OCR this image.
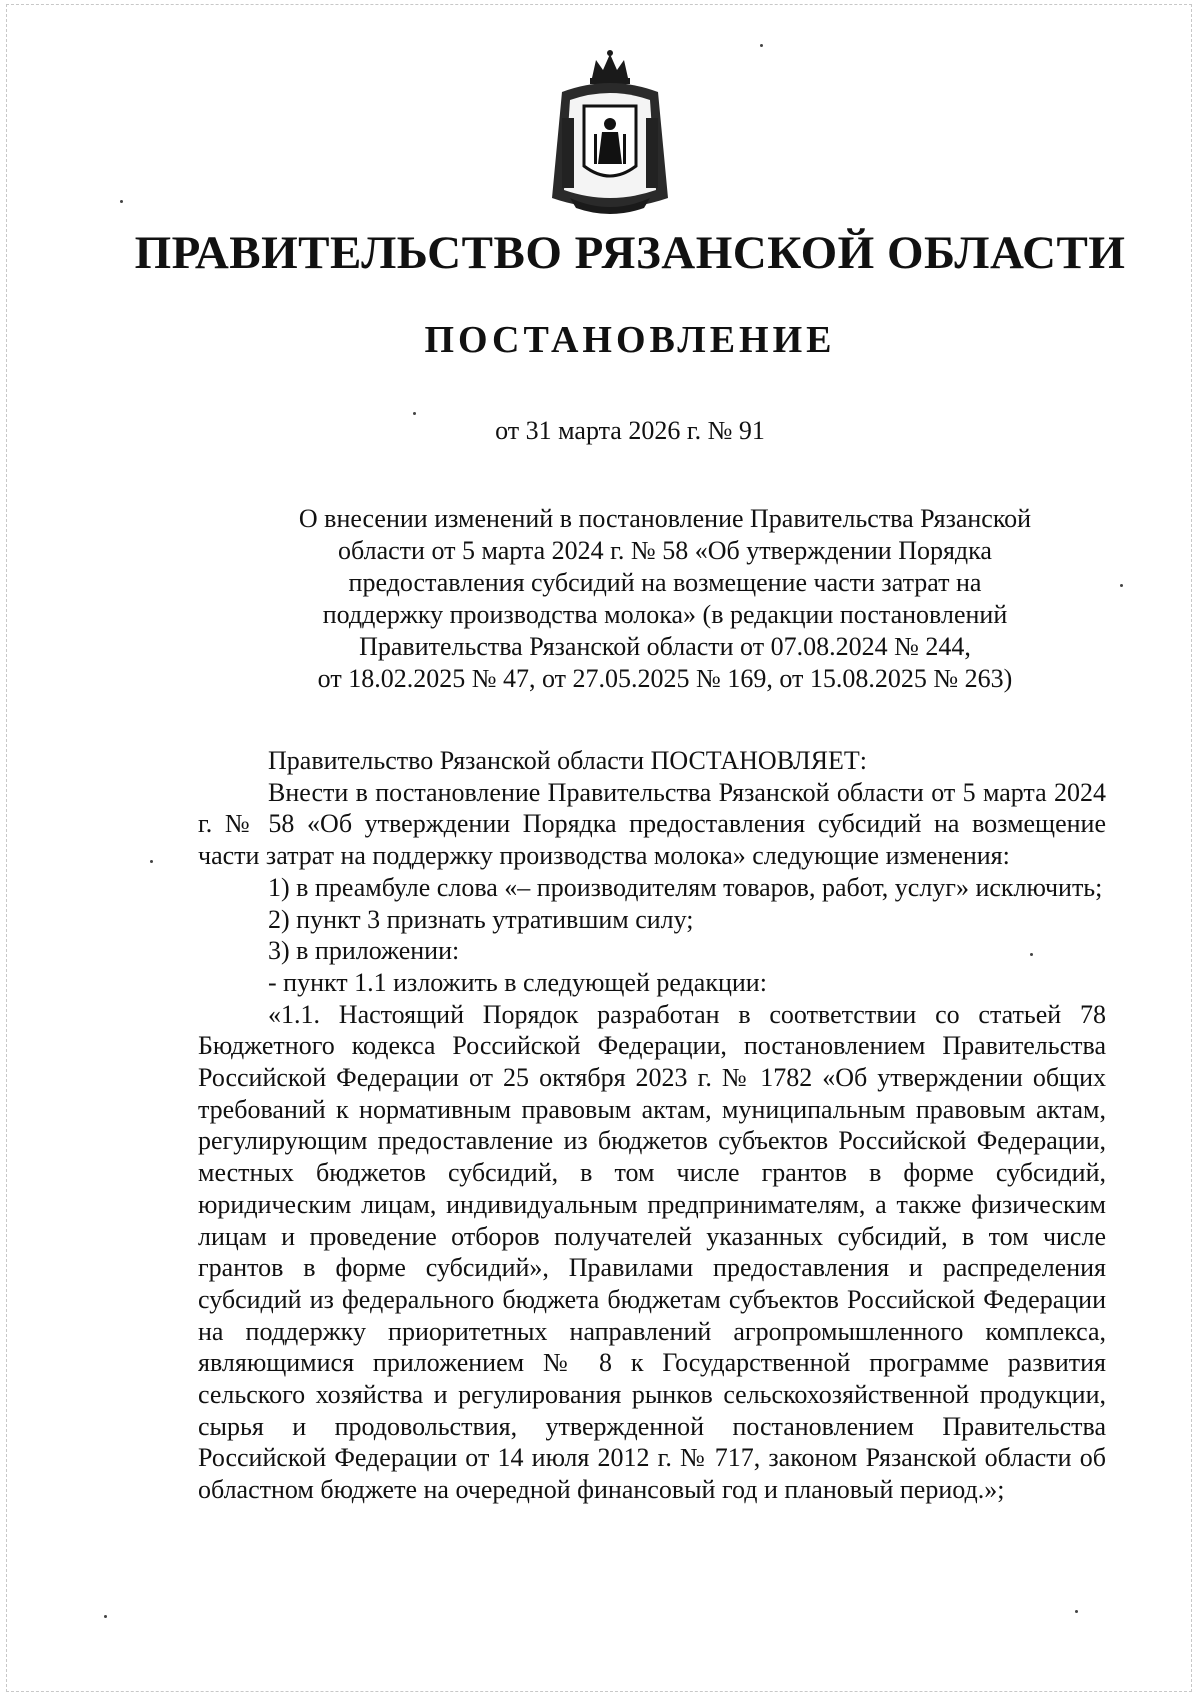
ПРАВИТЕЛЬСТВО РЯЗАНСКОЙ ОБЛАСТИ
ПОСТАНОВЛЕНИЕ
от 31 марта 2026 г. № 91
О внесении изменений в постановление Правительства Рязанской
области от 5 марта 2024 г. № 58 «Об утверждении Порядка
предоставления субсидий на возмещение части затрат на
поддержку производства молока» (в редакции постановлений
Правительства Рязанской области от 07.08.2024 № 244,
от 18.02.2025 № 47, от 27.05.2025 № 169, от 15.08.2025 № 263)

Правительство Рязанской области ПОСТАНОВЛЯЕТ:

Внести в постановление Правительства Рязанской области от 5 марта 2024 г. № 58 «Об утверждении Порядка предоставления субсидий на возмещение части затрат на поддержку производства молока» следующие изменения:

1) в преамбуле слова «– производителям товаров, работ, услуг» исключить;

2) пункт 3 признать утратившим силу;

3) в приложении:

- пункт 1.1 изложить в следующей редакции:

«1.1. Настоящий Порядок разработан в соответствии со статьей 78 Бюджетного кодекса Российской Федерации, постановлением Правительства Российской Федерации от 25 октября 2023 г. № 1782 «Об утверждении общих требований к нормативным правовым актам, муниципальным правовым актам, регулирующим предоставление из бюджетов субъектов Российской Федерации, местных бюджетов субсидий, в том числе грантов в форме субсидий, юридическим лицам, индивидуальным предпринимателям, а также физическим лицам и проведение отборов получателей указанных субсидий, в том числе грантов в форме субсидий», Правилами предоставления и распределения субсидий из федерального бюджета бюджетам субъектов Российской Федерации на поддержку приоритетных направлений агропромышленного комплекса, являющимися приложением № 8 к Государственной программе развития сельского хозяйства и регулирования рынков сельскохозяйственной продукции, сырья и продовольствия, утвержденной постановлением Правительства Российской Федерации от 14 июля 2012 г. № 717, законом Рязанской области об областном бюджете на очередной финансовый год и плановый период.»;
